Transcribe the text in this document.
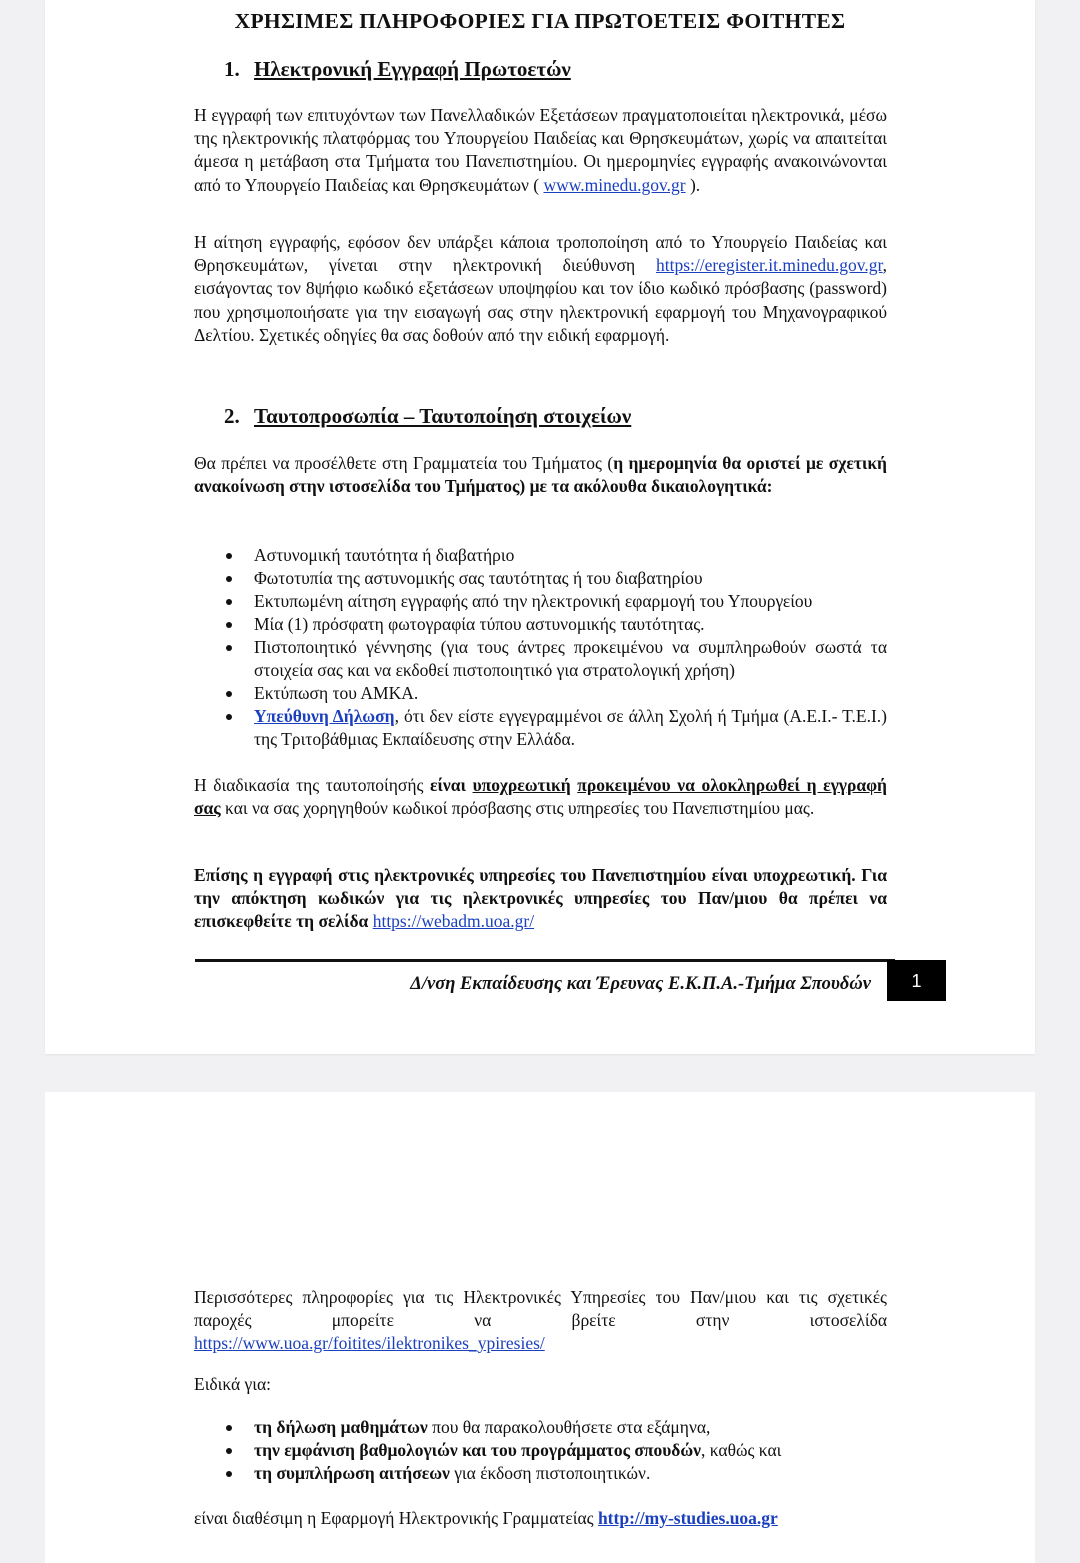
ΧΡΗΣΙΜΕΣ ΠΛΗΡΟΦΟΡΙΕΣ ΓΙΑ ΠΡΩΤΟΕΤΕΙΣ ΦΟΙΤΗΤΕΣ
1. Ηλεκτρονική Εγγραφή Πρωτοετών
Η εγγραφή των επιτυχόντων των Πανελλαδικών Εξετάσεων πραγματοποιείται ηλεκτρονικά, μέσω της ηλεκτρονικής πλατφόρμας του Υπουργείου Παιδείας και Θρησκευμάτων, χωρίς να απαιτείται άμεσα η μετάβαση στα Τμήματα του Πανεπιστημίου. Οι ημερομηνίες εγγραφής ανακοινώνονται από το Υπουργείο Παιδείας και Θρησκευμάτων ( www.minedu.gov.gr ).
Η αίτηση εγγραφής, εφόσον δεν υπάρξει κάποια τροποποίηση από το Υπουργείο Παιδείας και Θρησκευμάτων, γίνεται στην ηλεκτρονική διεύθυνση https://eregister.it.minedu.gov.gr, εισάγοντας τον 8ψήφιο κωδικό εξετάσεων υποψηφίου και τον ίδιο κωδικό πρόσβασης (password) που χρησιμοποιήσατε για την εισαγωγή σας στην ηλεκτρονική εφαρμογή του Μηχανογραφικού Δελτίου. Σχετικές οδηγίες θα σας δοθούν από την ειδική εφαρμογή.
2. Ταυτοπροσωπία – Ταυτοποίηση στοιχείων
Θα πρέπει να προσέλθετε στη Γραμματεία του Τμήματος (η ημερομηνία θα οριστεί με σχετική ανακοίνωση στην ιστοσελίδα του Τμήματος) με τα ακόλουθα δικαιολογητικά:
Αστυνομική ταυτότητα ή διαβατήριο
Φωτοτυπία της αστυνομικής σας ταυτότητας ή του διαβατηρίου
Εκτυπωμένη αίτηση εγγραφής από την ηλεκτρονική εφαρμογή του Υπουργείου
Μία (1) πρόσφατη φωτογραφία τύπου αστυνομικής ταυτότητας.
Πιστοποιητικό γέννησης (για τους άντρες προκειμένου να συμπληρωθούν σωστά τα στοιχεία σας και να εκδοθεί πιστοποιητικό για στρατολογική χρήση)
Εκτύπωση του ΑΜΚΑ.
Υπεύθυνη Δήλωση, ότι δεν είστε εγγεγραμμένοι σε άλλη Σχολή ή Τμήμα (Α.Ε.Ι.- Τ.Ε.Ι.) της Τριτοβάθμιας Εκπαίδευσης στην Ελλάδα.
Η διαδικασία της ταυτοποίησής είναι υποχρεωτική προκειμένου να ολοκληρωθεί η εγγραφή σας και να σας χορηγηθούν κωδικοί πρόσβασης στις υπηρεσίες του Πανεπιστημίου μας.
Επίσης η εγγραφή στις ηλεκτρονικές υπηρεσίες του Πανεπιστημίου είναι υποχρεωτική. Για την απόκτηση κωδικών για τις ηλεκτρονικές υπηρεσίες του Παν/μιου θα πρέπει να επισκεφθείτε τη σελίδα https://webadm.uoa.gr/
Δ/νση Εκπαίδευσης και Έρευνας Ε.Κ.Π.Α.-Τμήμα Σπουδών	1
Περισσότερες πληροφορίες για τις Ηλεκτρονικές Υπηρεσίες του Παν/μιου και τις σχετικές παροχές μπορείτε να βρείτε στην ιστοσελίδα
https://www.uoa.gr/foitites/ilektronikes_ypiresies/
Ειδικά για:
τη δήλωση μαθημάτων που θα παρακολουθήσετε στα εξάμηνα,
την εμφάνιση βαθμολογιών και του προγράμματος σπουδών, καθώς και
τη συμπλήρωση αιτήσεων για έκδοση πιστοποιητικών.
είναι διαθέσιμη η Εφαρμογή Ηλεκτρονικής Γραμματείας http://my-studies.uoa.gr
